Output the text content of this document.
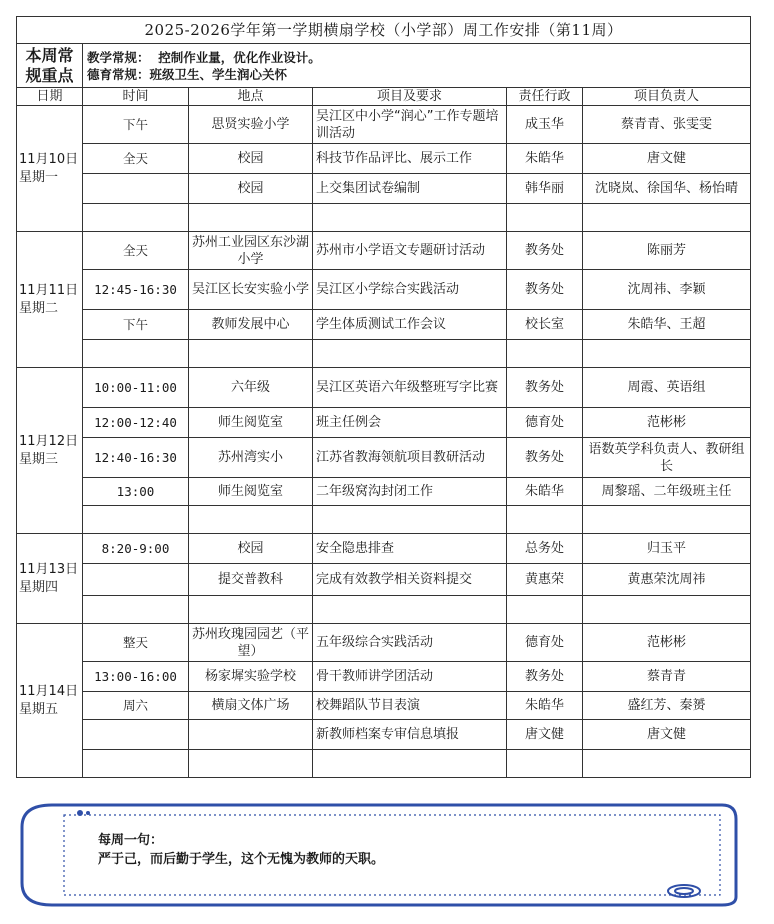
2025-2026学年第一学期横扇学校（小学部）周工作安排（第11周）					
本周常规重点	教学常规： 控制作业量，优化作业设计。
德育常规：班级卫生、学生润心关怀				

日期	时间	地点	项目及要求	责任行政	项目负责人

11月10日
星期一	下午	思贤实验小学	吴江区中小学“润心”工作专题培训活动	成玉华	蔡青青、张雯雯
	全天	校园	科技节作品评比、展示工作	朱皓华	唐文健
		校园	上交集团试卷编制	韩华丽	沈晓岚、徐国华、杨怡晴

11月11日
星期二	全天	苏州工业园区东沙湖小学	苏州市小学语文专题研讨活动	教务处	陈丽芳
	12:45-16:30	吴江区长安实验小学	吴江区小学综合实践活动	教务处	沈周祎、李颖
	下午	教师发展中心	学生体质测试工作会议	校长室	朱皓华、王超

11月12日
星期三	10:00-11:00	六年级	吴江区英语六年级整班写字比赛	教务处	周霞、英语组
	12:00-12:40	师生阅览室	班主任例会	德育处	范彬彬
	12:40-16:30	苏州湾实小	江苏省教海领航项目教研活动	教务处	语数英学科负责人、教研组长
	13:00	师生阅览室	二年级窝沟封闭工作	朱皓华	周黎瑶、二年级班主任

11月13日
星期四	8:20-9:00	校园	安全隐患排查	总务处	归玉平
		提交普教科	完成有效教学相关资料提交	黄惠荣	黄惠荣沈周祎

11月14日
星期五	整天	苏州玫瑰园园艺（平望）	五年级综合实践活动	德育处	范彬彬
	13:00-16:00	杨家墀实验学校	骨干教师讲学团活动	教务处	蔡青青
	周六	横扇文体广场	校舞蹈队节目表演	朱皓华	盛红芳、秦赟
			新教师档案专审信息填报	唐文健	唐文健

每周一句：
严于己，而后勤于学生，这个无愧为教师的天职。
